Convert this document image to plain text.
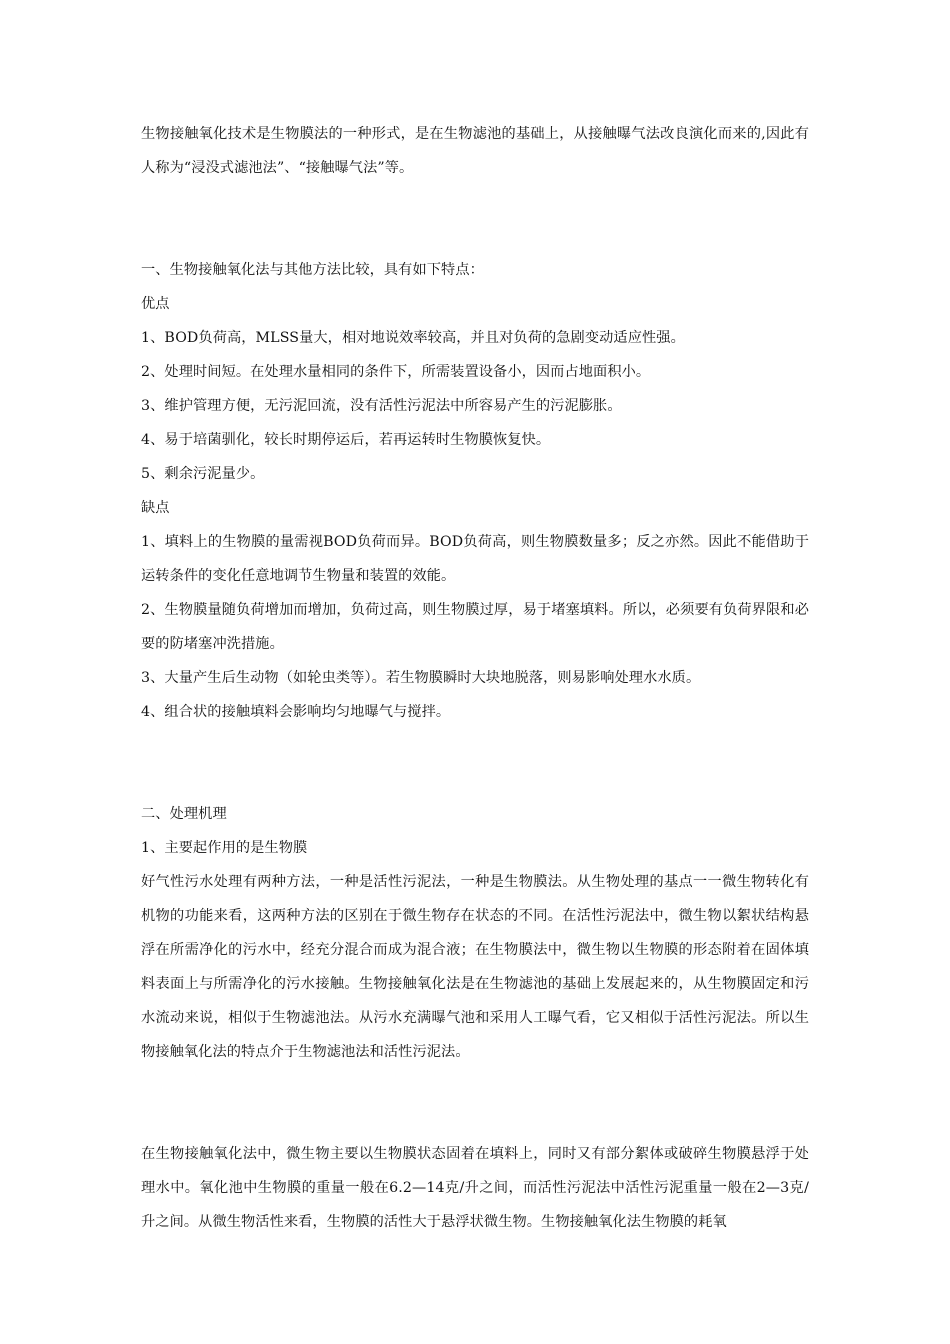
生物接触氧化技术是生物膜法的一种形式，是在生物滤池的基础上，从接触曝气法改良演化而来的,因此有人称为“浸没式滤池法”、“接触曝气法”等。

一、生物接触氧化法与其他方法比较，具有如下特点：

优点

1、BOD负荷高，MLSS量大，相对地说效率较高，并且对负荷的急剧变动适应性强。

2、处理时间短。在处理水量相同的条件下，所需装置设备小，因而占地面积小。

3、维护管理方便，无污泥回流，没有活性污泥法中所容易产生的污泥膨胀。

4、易于培菌驯化，较长时期停运后，若再运转时生物膜恢复快。

5、剩余污泥量少。

缺点

1、填料上的生物膜的量需视BOD负荷而异。BOD负荷高，则生物膜数量多；反之亦然。因此不能借助于运转条件的变化任意地调节生物量和装置的效能。

2、生物膜量随负荷增加而增加，负荷过高，则生物膜过厚，易于堵塞填料。所以，必须要有负荷界限和必要的防堵塞冲洗措施。

3、大量产生后生动物（如轮虫类等）。若生物膜瞬时大块地脱落，则易影响处理水水质。

4、组合状的接触填料会影响均匀地曝气与搅拌。

二、处理机理

1、主要起作用的是生物膜

好气性污水处理有两种方法，一种是活性污泥法，一种是生物膜法。从生物处理的基点一一微生物转化有机物的功能来看，这两种方法的区别在于微生物存在状态的不同。在活性污泥法中，微生物以絮状结构悬浮在所需净化的污水中，经充分混合而成为混合液；在生物膜法中，微生物以生物膜的形态附着在固体填料表面上与所需净化的污水接触。生物接触氧化法是在生物滤池的基础上发展起来的，从生物膜固定和污水流动来说，相似于生物滤池法。从污水充满曝气池和采用人工曝气看，它又相似于活性污泥法。所以生物接触氧化法的特点介于生物滤池法和活性污泥法。

在生物接触氧化法中，微生物主要以生物膜状态固着在填料上，同时又有部分絮体或破碎生物膜悬浮于处理水中。氧化池中生物膜的重量一般在6.2—14克/升之间，而活性污泥法中活性污泥重量一般在2—3克/升之间。从微生物活性来看，生物膜的活性大于悬浮状微生物。生物接触氧化法生物膜的耗氧
